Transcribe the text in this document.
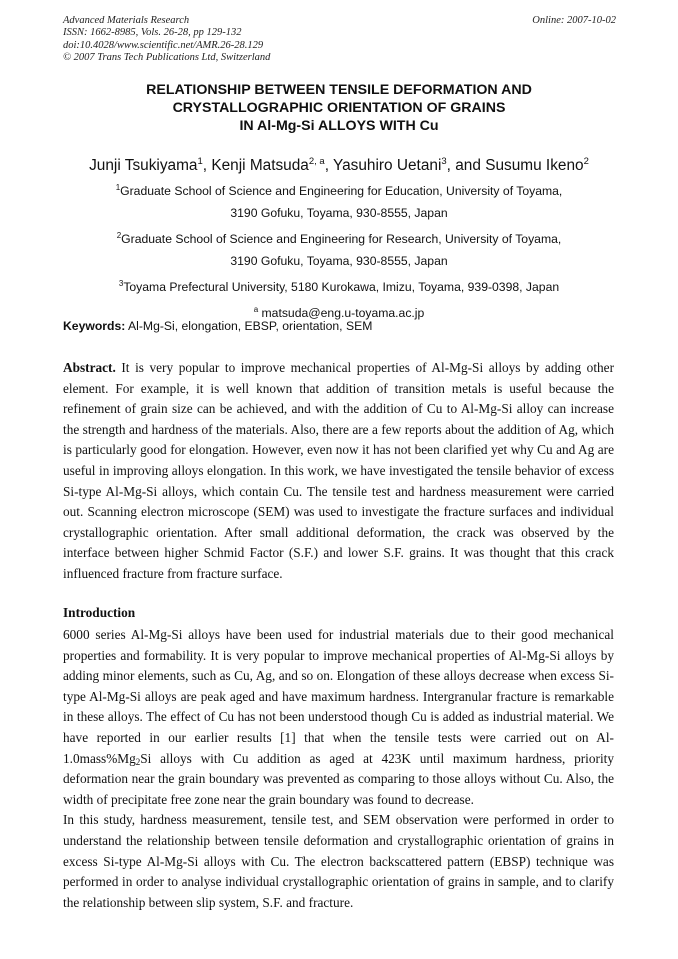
Advanced Materials Research
ISSN: 1662-8985, Vols. 26-28, pp 129-132
doi:10.4028/www.scientific.net/AMR.26-28.129
© 2007 Trans Tech Publications Ltd, Switzerland
Online: 2007-10-02
RELATIONSHIP BETWEEN TENSILE DEFORMATION AND
CRYSTALLOGRAPHIC ORIENTATION OF GRAINS
IN Al-Mg-Si ALLOYS WITH Cu
Junji Tsukiyama$^1$, Kenji Matsuda$^{2, a}$, Yasuhiro Uetani$^3$, and Susumu Ikeno$^2$
$^1$Graduate School of Science and Engineering for Education, University of Toyama,
3190 Gofuku, Toyama, 930-8555, Japan
$^2$Graduate School of Science and Engineering for Research, University of Toyama,
3190 Gofuku, Toyama, 930-8555, Japan
$^3$Toyama Prefectural University, 5180 Kurokawa, Imizu, Toyama, 939-0398, Japan
$^a$ matsuda@eng.u-toyama.ac.jp
Keywords: Al-Mg-Si, elongation, EBSP, orientation, SEM
Abstract. It is very popular to improve mechanical properties of Al-Mg-Si alloys by adding other element. For example, it is well known that addition of transition metals is useful because the refinement of grain size can be achieved, and with the addition of Cu to Al-Mg-Si alloy can increase the strength and hardness of the materials. Also, there are a few reports about the addition of Ag, which is particularly good for elongation. However, even now it has not been clarified yet why Cu and Ag are useful in improving alloys elongation. In this work, we have investigated the tensile behavior of excess Si-type Al-Mg-Si alloys, which contain Cu. The tensile test and hardness measurement were carried out. Scanning electron microscope (SEM) was used to investigate the fracture surfaces and individual crystallographic orientation. After small additional deformation, the crack was observed by the interface between higher Schmid Factor (S.F.) and lower S.F. grains. It was thought that this crack influenced fracture from fracture surface.
Introduction

6000 series Al-Mg-Si alloys have been used for industrial materials due to their good mechanical properties and formability. It is very popular to improve mechanical properties of Al-Mg-Si alloys by adding minor elements, such as Cu, Ag, and so on. Elongation of these alloys decrease when excess Si-type Al-Mg-Si alloys are peak aged and have maximum hardness. Intergranular fracture is remarkable in these alloys. The effect of Cu has not been understood though Cu is added as industrial material. We have reported in our earlier results [1] that when the tensile tests were carried out on $Al-1.0mass\%Mg_2Si$ alloys with Cu addition as aged at 423K until maximum hardness, priority deformation near the grain boundary was prevented as comparing to those alloys without Cu. Also, the width of precipitate free zone near the grain boundary was found to decrease.

In this study, hardness measurement, tensile test, and SEM observation were performed in order to understand the relationship between tensile deformation and crystallographic orientation of grains in excess Si-type Al-Mg-Si alloys with Cu. The electron backscattered pattern (EBSP) technique was performed in order to analyse individual crystallographic orientation of grains in sample, and to clarify the relationship between slip system, S.F. and fracture.
